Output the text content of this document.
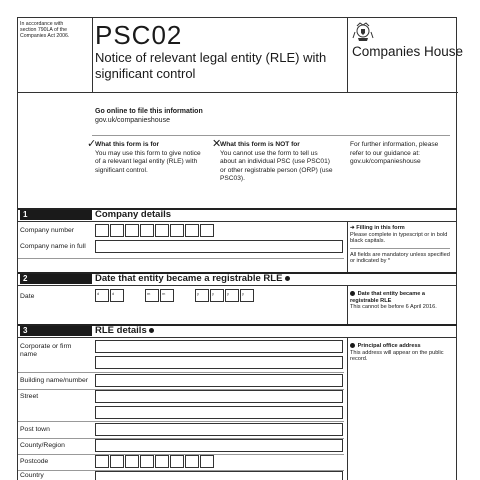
In accordance with section 790LA of the Companies Act 2006. PSC02
Notice of relevant legal entity (RLE) with significant control
Companies House
Go online to file this information
gov.uk/companieshouse
✓
What this form is for
You may use this form to give notice of a relevant legal entity (RLE) with significant control.
✕
What this form is NOT for
You cannot use the form to tell us about an individual PSC (use PSC01) or other registrable person (ORP) (use PSC03).
For further information, please refer to our guidance at: gov.uk/companieshouse
1	Company details
Company number
Company name in full
➜ Filling in this form
Please complete in typescript or in bold black capitals.
All fields are mandatory unless specified or indicated by *
2	Date that entity became a registrable RLE
Date	d	d	m	m	y	y	y	y	Date that entity became a registrable RLE
This cannot be before 6 April 2016.
3	RLE details
Corporate or firm name
Building name/number
Street
Post town
County/Region
Postcode
Country
Principal office address
This address will appear on the public record.
